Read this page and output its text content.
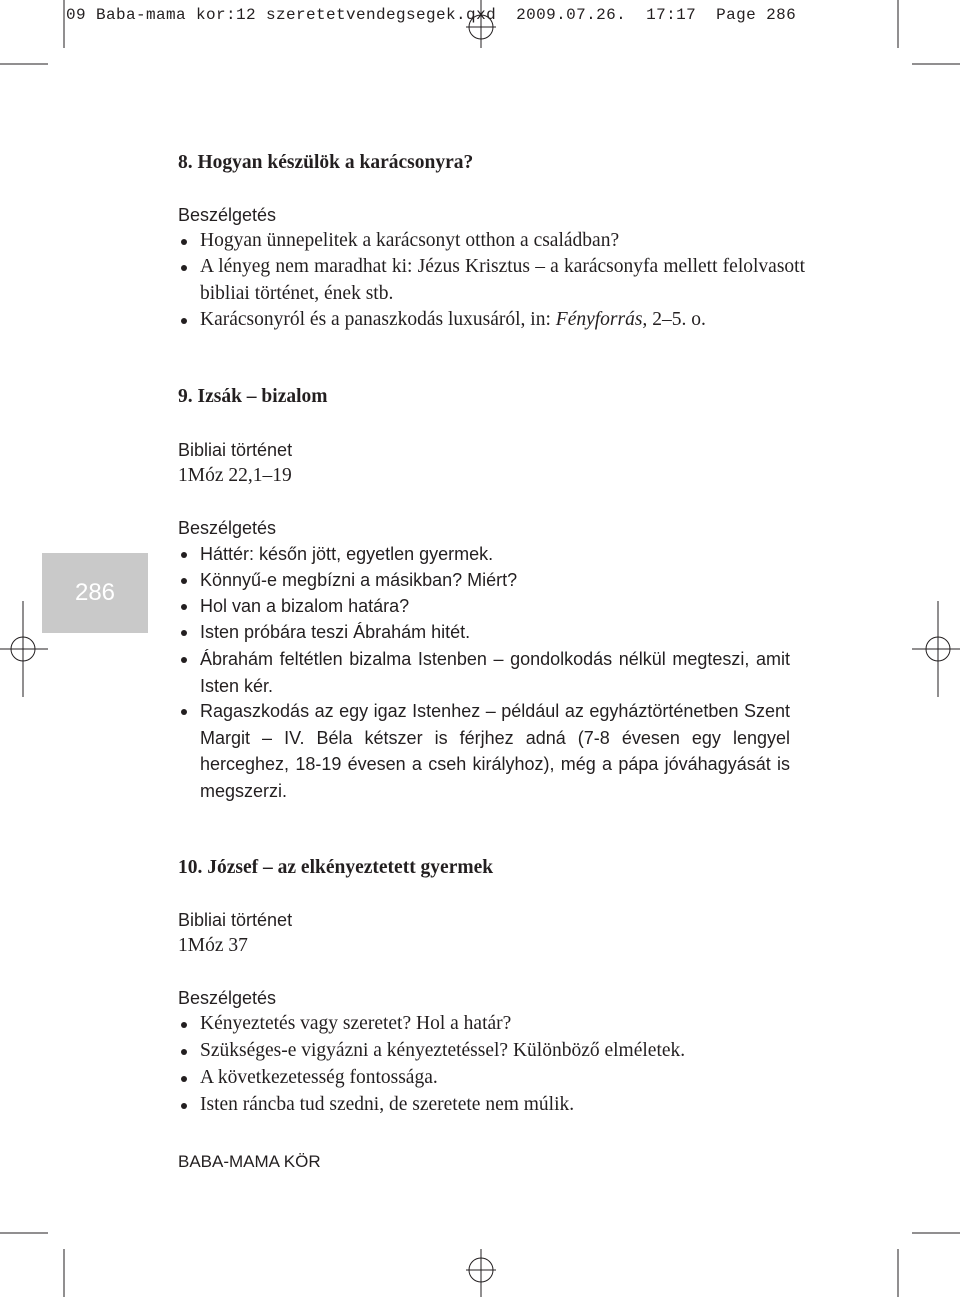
09 Baba-mama kor:12 szeretetvendegsegek.qxd  2009.07.26.  17:17  Page 286
286
8. Hogyan készülök a karácsonyra?
Beszélgetés
Hogyan ünnepelitek a karácsonyt otthon a családban?
A lényeg nem maradhat ki: Jézus Krisztus – a karácsonyfa mellett felolvasott bibliai történet, ének stb.
Karácsonyról és a panaszkodás luxusáról, in: Fényforrás, 2–5. o.
9. Izsák – bizalom
Bibliai történet
1Móz 22,1–19
Beszélgetés
Háttér: későn jött, egyetlen gyermek.
Könnyű-e megbízni a másikban? Miért?
Hol van a bizalom határa?
Isten próbára teszi Ábrahám hitét.
Ábrahám feltétlen bizalma Istenben – gondolkodás nélkül megteszi, amit Isten kér.
Ragaszkodás az egy igaz Istenhez – például az egyháztörténetben Szent Margit – IV. Béla kétszer is férjhez adná (7-8 évesen egy lengyel herceghez, 18-19 évesen a cseh királyhoz), még a pápa jóváhagyását is megszerzi.
10. József – az elkényeztetett gyermek
Bibliai történet
1Móz 37
Beszélgetés
Kényeztetés vagy szeretet? Hol a határ?
Szükséges-e vigyázni a kényeztetéssel? Különböző elméletek.
A következetesség fontossága.
Isten ráncba tud szedni, de szeretete nem múlik.
BABA-MAMA KÖR
